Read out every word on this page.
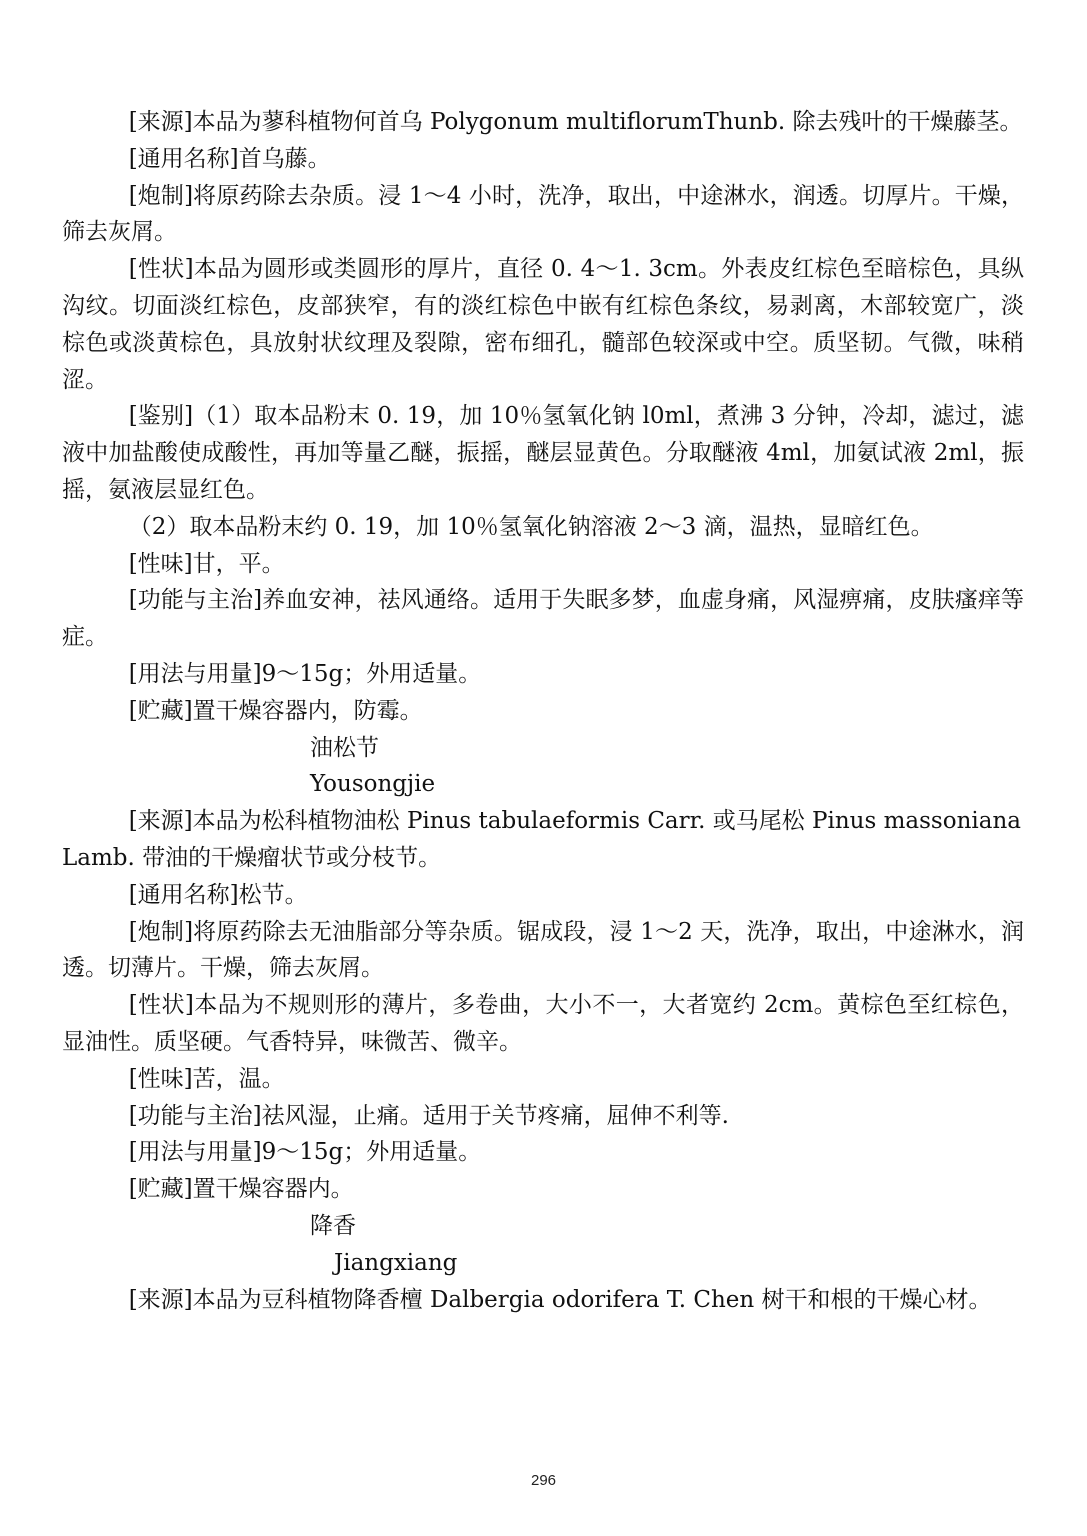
[来源]本品为蓼科植物何首乌 Polygonum multiflorumThunb. 除去残叶的干燥藤茎。

[通用名称]首乌藤。

[炮制]将原药除去杂质。浸 1～4 小时，洗净，取出，中途淋水，润透。切厚片。干燥，筛去灰屑。

[性状]本品为圆形或类圆形的厚片，直径 0. 4～1. 3cm。外表皮红棕色至暗棕色，具纵沟纹。切面淡红棕色，皮部狭窄，有的淡红棕色中嵌有红棕色条纹，易剥离，木部较宽广，淡棕色或淡黄棕色，具放射状纹理及裂隙，密布细孔，髓部色较深或中空。质坚韧。气微，味稍涩。

[鉴别]（1）取本品粉末 0. 19，加 10％氢氧化钠 l0ml，煮沸 3 分钟，冷却，滤过，滤液中加盐酸使成酸性，再加等量乙醚，振摇，醚层显黄色。分取醚液 4ml，加氨试液 2ml，振摇，氨液层显红色。

（2）取本品粉末约 0. 19，加 10％氢氧化钠溶液 2～3 滴，温热，显暗红色。

[性味]甘，平。

[功能与主治]养血安神，祛风通络。适用于失眠多梦，血虚身痛，风湿痹痛，皮肤瘙痒等症。

[用法与用量]9～15g；外用适量。

[贮藏]置干燥容器内，防霉。

油松节

Yousongjie

[来源]本品为松科植物油松 Pinus tabulaeformis Carr. 或马尾松 Pinus massoniana Lamb. 带油的干燥瘤状节或分枝节。

[通用名称]松节。

[炮制]将原药除去无油脂部分等杂质。锯成段，浸 1～2 天，洗净，取出，中途淋水，润透。切薄片。干燥，筛去灰屑。

[性状]本品为不规则形的薄片，多卷曲，大小不一，大者宽约 2cm。黄棕色至红棕色，显油性。质坚硬。气香特异，味微苦、微辛。

[性味]苦，温。

[功能与主治]祛风湿，止痛。适用于关节疼痛，屈伸不利等.

[用法与用量]9～15g；外用适量。

[贮藏]置干燥容器内。

降香

Jiangxiang

[来源]本品为豆科植物降香檀 Dalbergia odorifera T. Chen 树干和根的干燥心材。

296
